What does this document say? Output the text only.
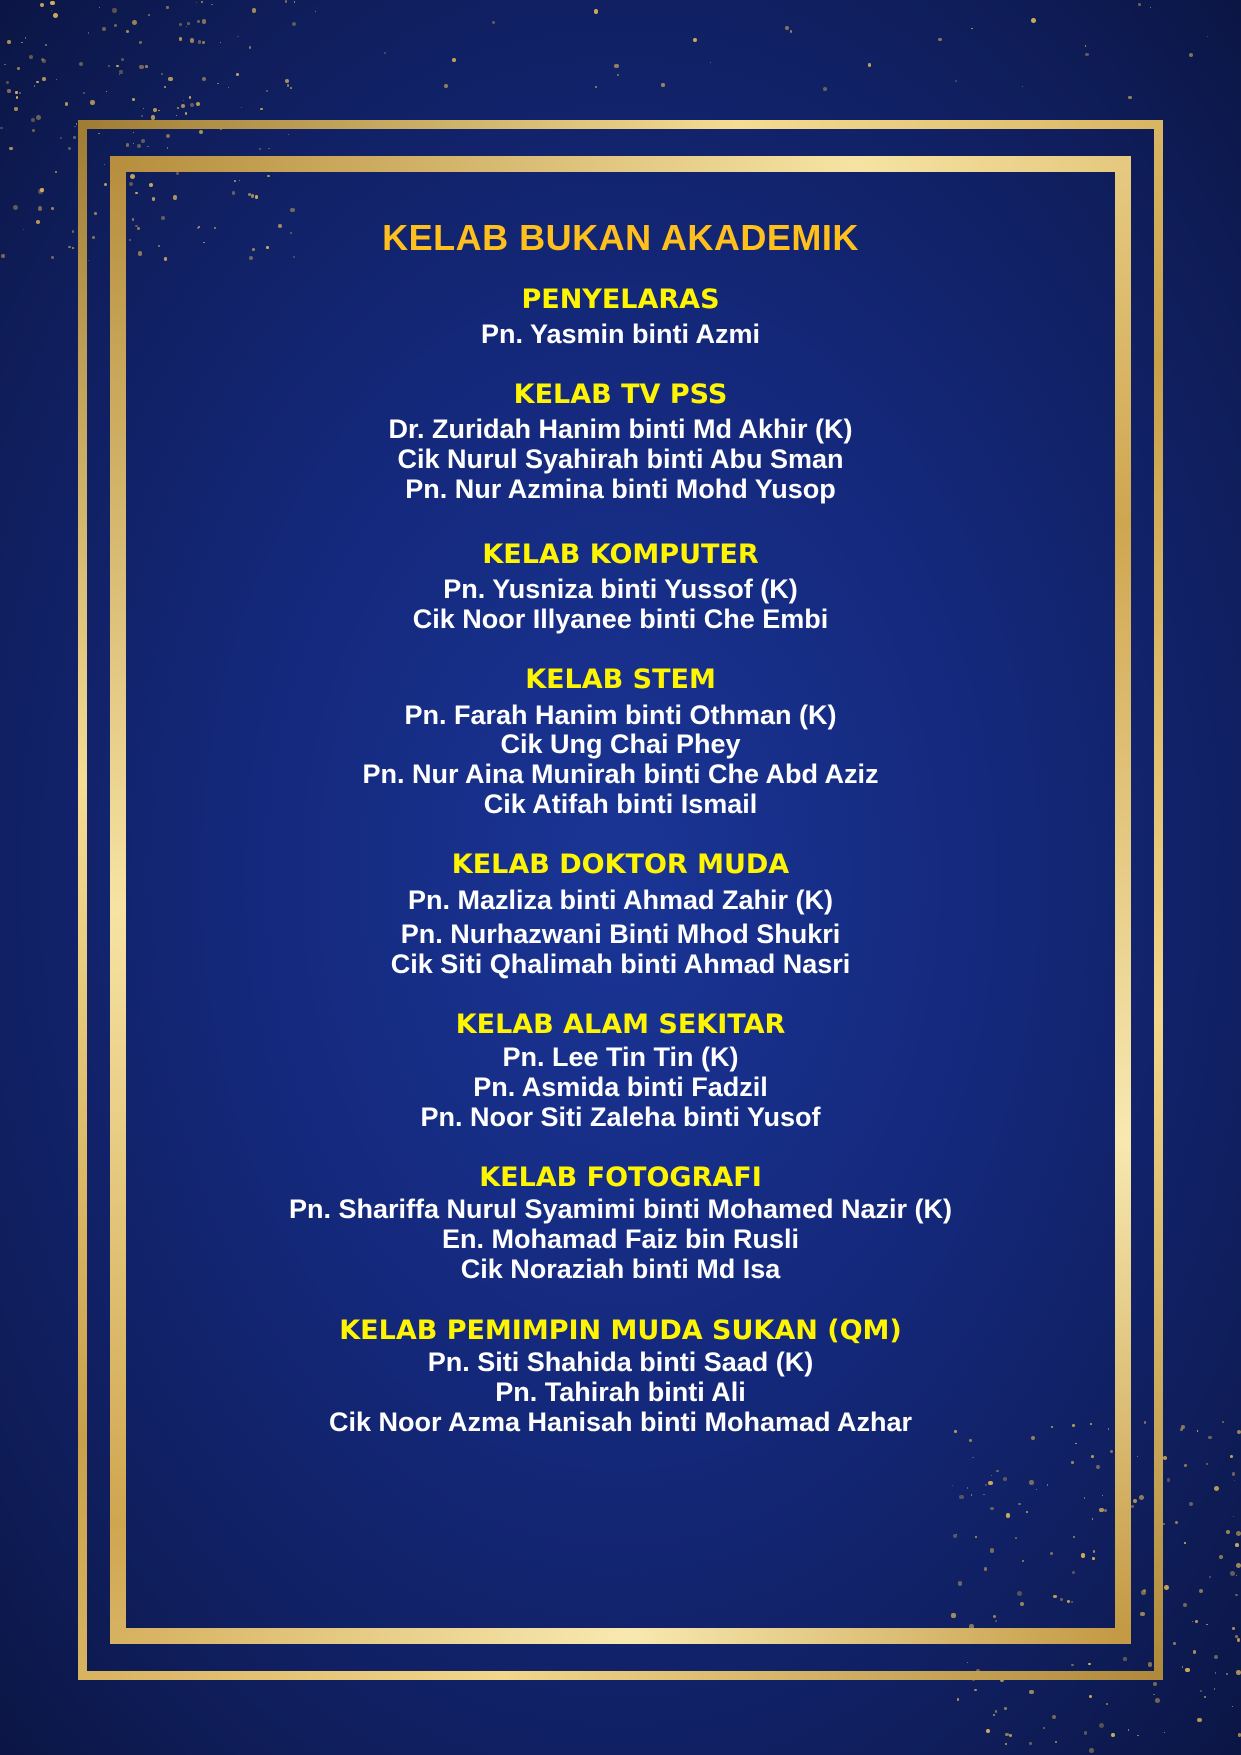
KELAB BUKAN AKADEMIK
PENYELARAS

Pn. Yasmin binti Azmi

KELAB TV PSS

Dr. Zuridah Hanim binti Md Akhir (K)

Cik Nurul Syahirah binti Abu Sman

Pn. Nur Azmina binti Mohd Yusop

KELAB KOMPUTER

Pn. Yusniza binti Yussof (K)

Cik Noor Illyanee binti Che Embi

KELAB STEM

Pn. Farah Hanim binti Othman (K)

Cik Ung Chai Phey

Pn. Nur Aina Munirah binti Che Abd Aziz

Cik Atifah binti Ismail

KELAB DOKTOR MUDA

Pn. Mazliza binti Ahmad Zahir (K)

Pn. Nurhazwani Binti Mhod Shukri

Cik Siti Qhalimah binti Ahmad Nasri

KELAB ALAM SEKITAR

Pn. Lee Tin Tin (K)

Pn. Asmida binti Fadzil

Pn. Noor Siti Zaleha binti Yusof

KELAB FOTOGRAFI

Pn. Shariffa Nurul Syamimi binti Mohamed Nazir (K)

En. Mohamad Faiz bin Rusli

Cik Noraziah binti Md Isa

KELAB PEMIMPIN MUDA SUKAN (QM)

Pn. Siti Shahida binti Saad (K)

Pn. Tahirah binti Ali

Cik Noor Azma Hanisah binti Mohamad Azhar
